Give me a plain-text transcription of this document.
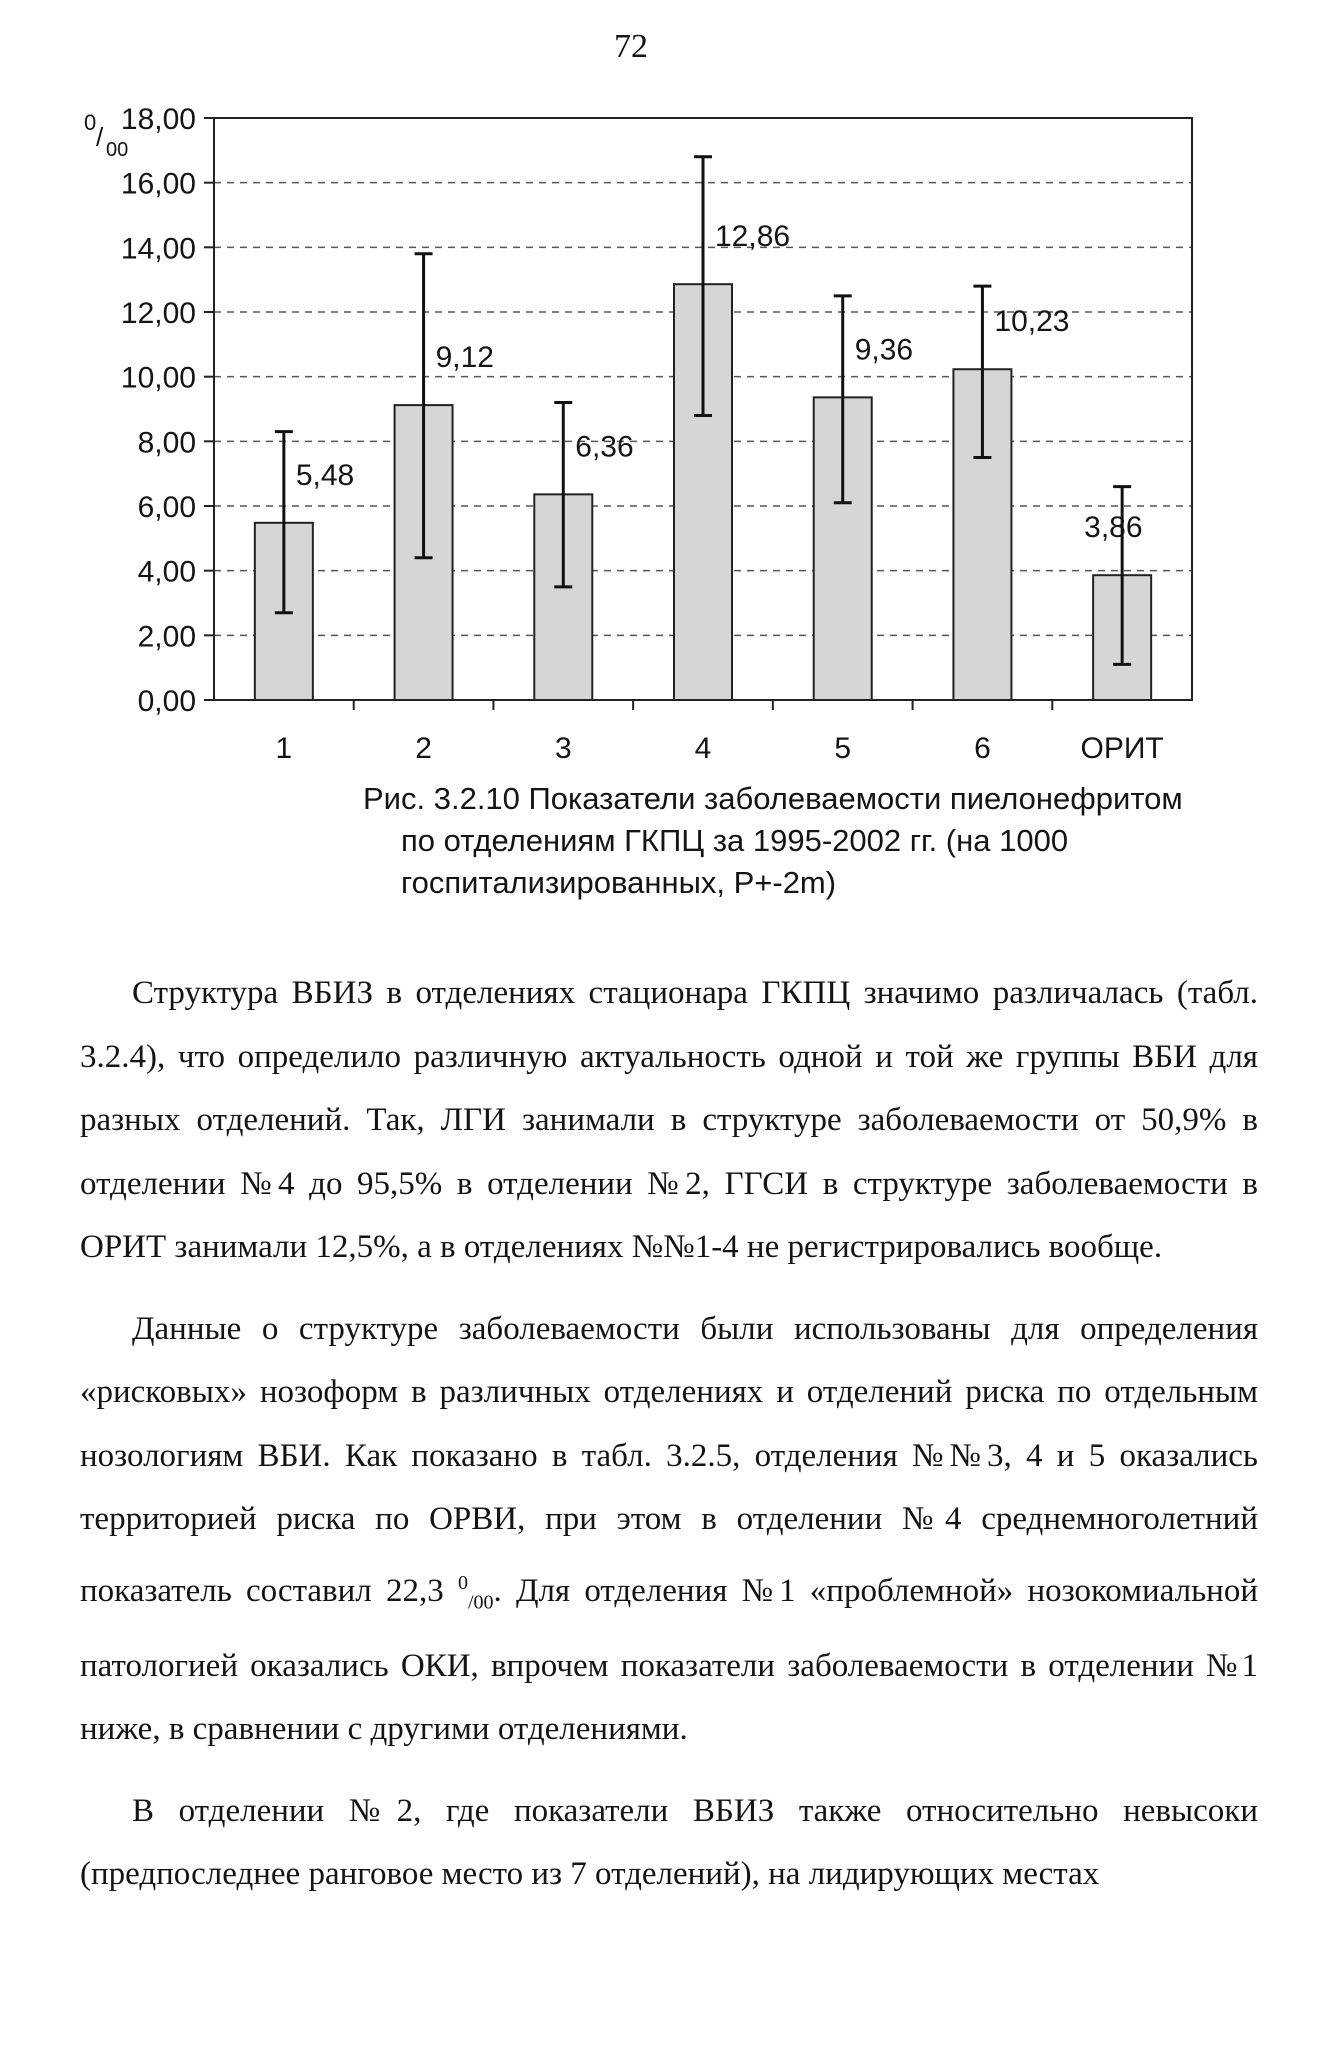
72
0,00
2,00
4,00
6,00
8,00
10,00
12,00
14,00
16,00
18,00
0 / 00
1	2	3	4	5	6	ОРИТ
5,48
9,12
6,36
12,86
9,36
10,23
3,86
Рис. 3.2.10 Показатели заболеваемости пиелонефритом
по отделениям ГКПЦ за 1995-2002 гг. (на 1000
госпитализированных, Р+-2m)

Структура ВБИЗ в отделениях стационара ГКПЦ значимо различалась (табл. 3.2.4), что определило различную актуальность одной и той же группы ВБИ для разных отделений. Так, ЛГИ занимали в структуре заболеваемости от 50,9% в отделении №4 до 95,5% в отделении №2, ГГСИ в структуре заболеваемости в ОРИТ занимали 12,5%, а в отделениях №№1-4 не регистрировались вообще.

Данные о структуре заболеваемости были использованы для определения «рисковых» нозоформ в различных отделениях и отделений риска по отдельным нозологиям ВБИ. Как показано в табл. 3.2.5, отделения №№3, 4 и 5 оказались территорией риска по ОРВИ, при этом в отделении №4 среднемноголетний показатель составил 22,3 $^0_{/00}$. Для отделения №1 «проблемной» нозокомиальной патологией оказались ОКИ, впрочем показатели заболеваемости в отделении №1 ниже, в сравнении с другими отделениями.

В отделении №2, где показатели ВБИЗ также относительно невысоки (предпоследнее ранговое место из 7 отделений), на лидирующих местах
